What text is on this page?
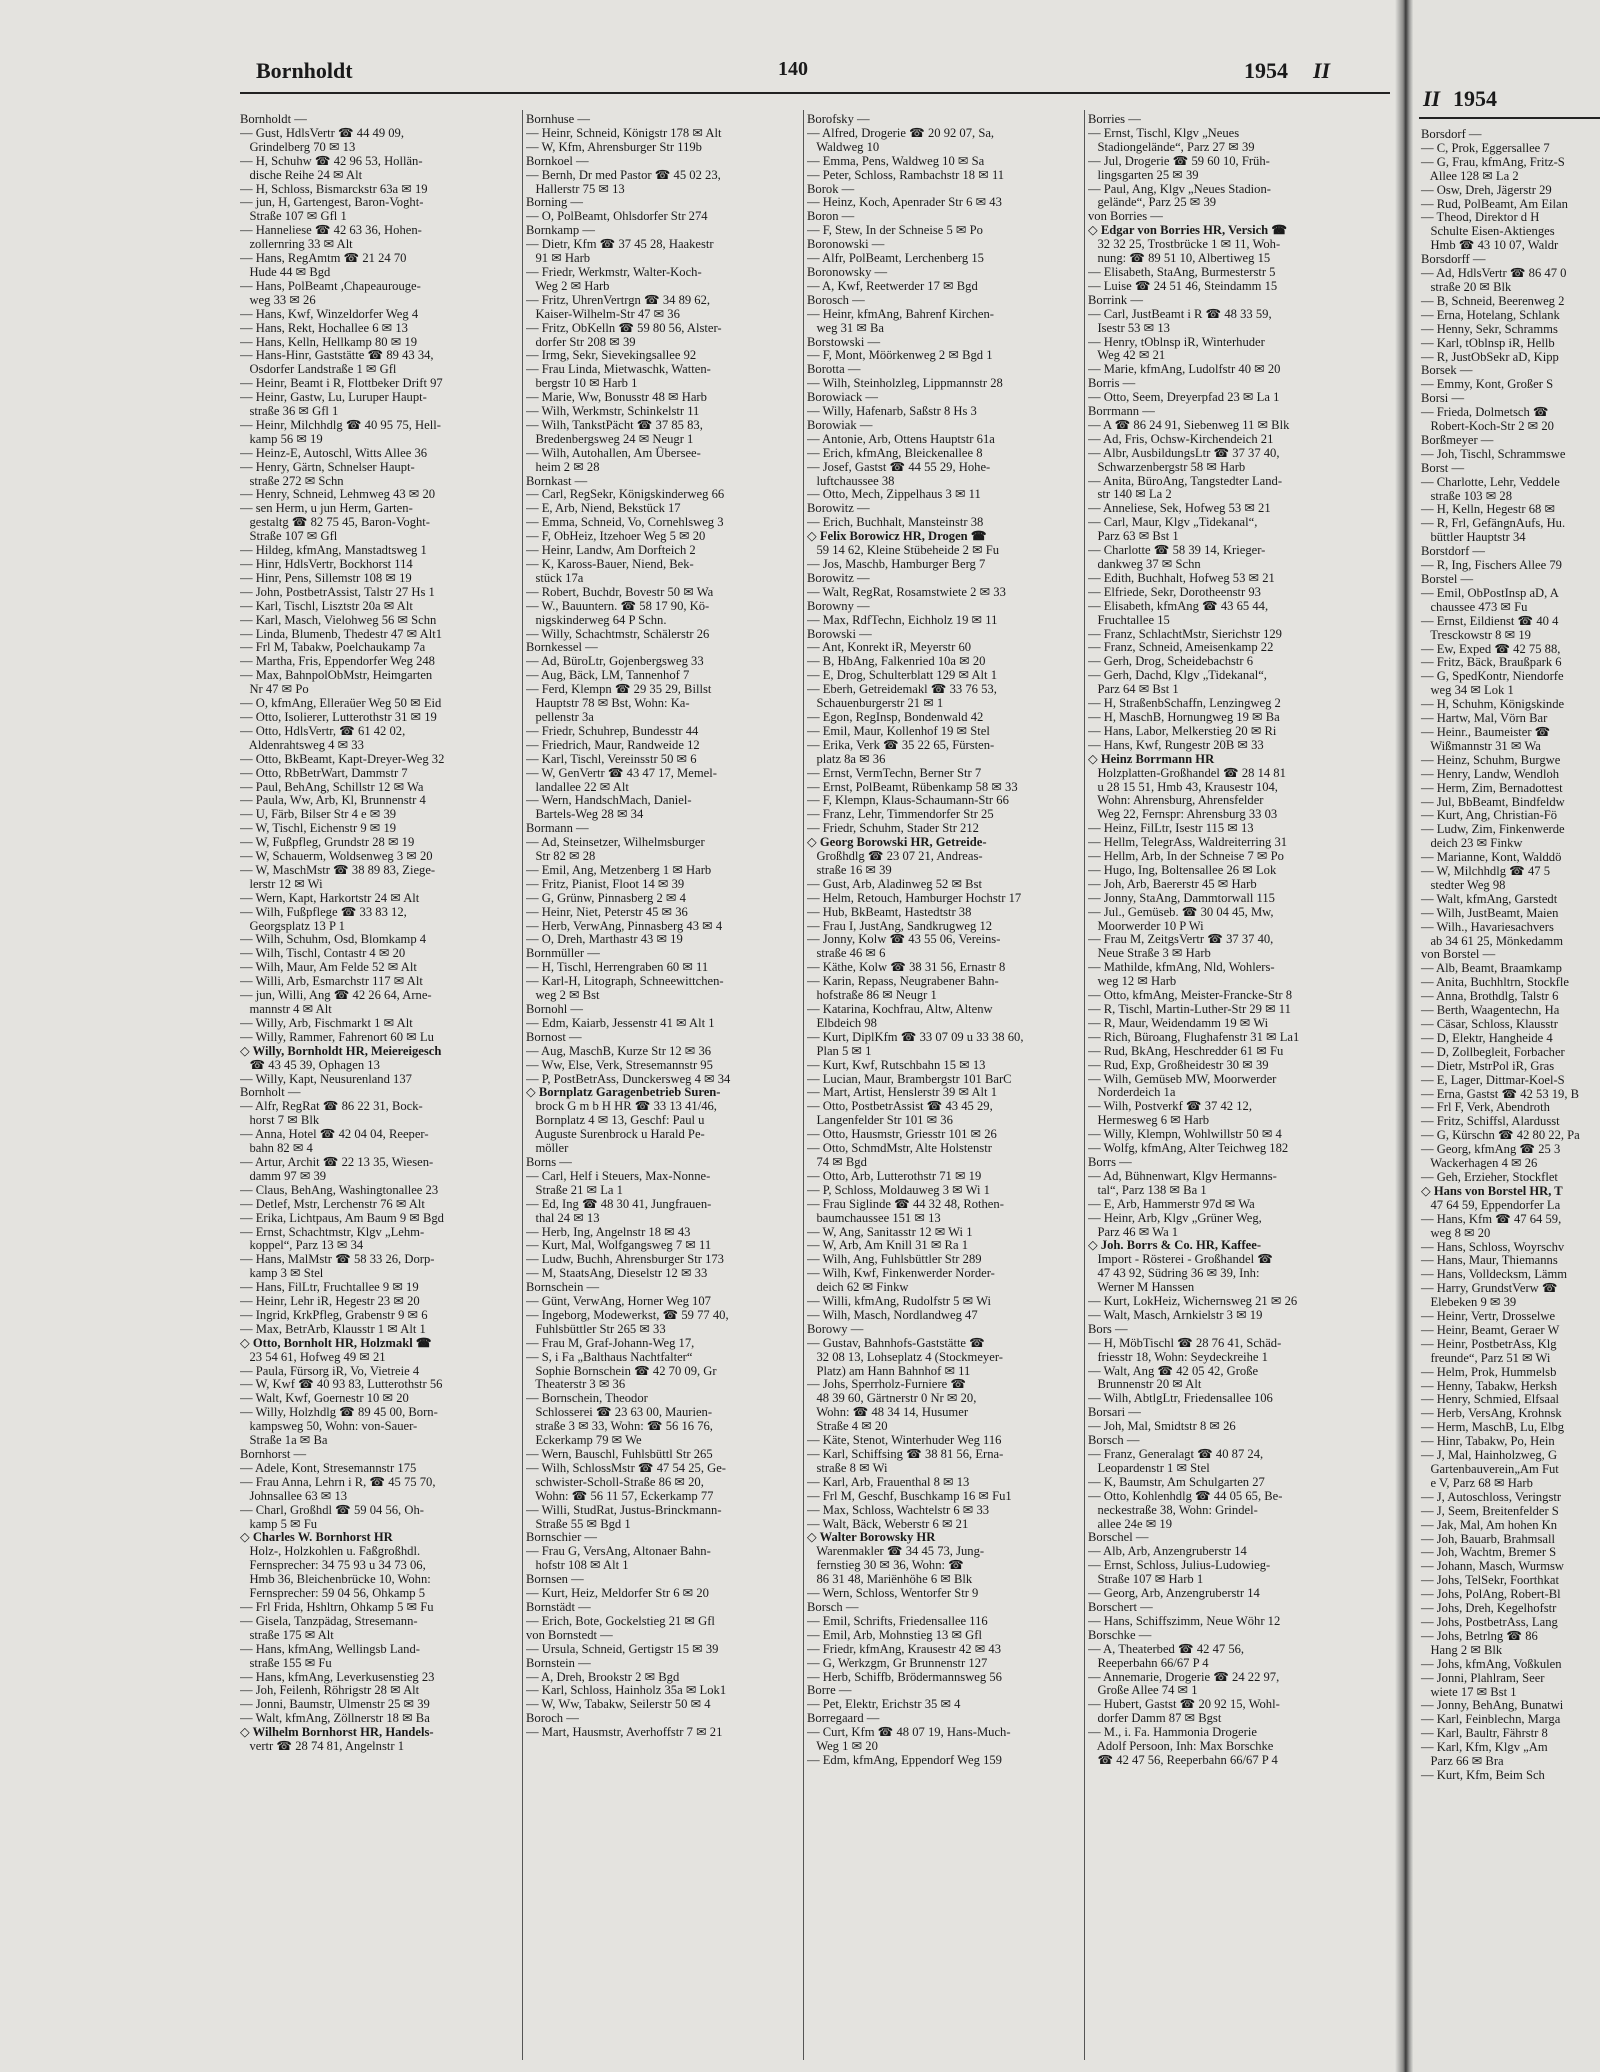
Bornholdt	140	1954 II
Bornholdt —
— Gust, HdlsVertr ☎ 44 49 09,
Grindelberg 70 ✉ 13
— H, Schuhw ☎ 42 96 53, Hollän-
dische Reihe 24 ✉ Alt
— H, Schloss, Bismarckstr 63a ✉ 19
— jun, H, Gartengest, Baron-Voght-
Straße 107 ✉ Gfl 1
— Hanneliese ☎ 42 63 36, Hohen-
zollernring 33 ✉ Alt
— Hans, RegAmtm ☎ 21 24 70
Hude 44 ✉ Bgd
— Hans, PolBeamt ,Chapeaurouge-
weg 33 ✉ 26
— Hans, Kwf, Winzeldorfer Weg 4
— Hans, Rekt, Hochallee 6 ✉ 13
— Hans, Kelln, Hellkamp 80 ✉ 19
— Hans-Hinr, Gaststätte ☎ 89 43 34,
Osdorfer Landstraße 1 ✉ Gfl
— Heinr, Beamt i R, Flottbeker Drift 97
— Heinr, Gastw, Lu, Luruper Haupt-
straße 36 ✉ Gfl 1
— Heinr, Milchhdlg ☎ 40 95 75, Hell-
kamp 56 ✉ 19
— Heinz-E, Autoschl, Witts Allee 36
— Henry, Gärtn, Schnelser Haupt-
straße 272 ✉ Schn
— Henry, Schneid, Lehmweg 43 ✉ 20
— sen Herm, u jun Herm, Garten-
gestaltg ☎ 82 75 45, Baron-Voght-
Straße 107 ✉ Gfl
— Hildeg, kfmAng, Manstadtsweg 1
— Hinr, HdlsVertr, Bockhorst 114
— Hinr, Pens, Sillemstr 108 ✉ 19
— John, PostbetrAssist, Talstr 27 Hs 1
— Karl, Tischl, Lisztstr 20a ✉ Alt
— Karl, Masch, Vielohweg 56 ✉ Schn
— Linda, Blumenb, Thedestr 47 ✉ Alt1
— Frl M, Tabakw, Poelchaukamp 7a
— Martha, Fris, Eppendorfer Weg 248
— Max, BahnpolObMstr, Heimgarten
Nr 47 ✉ Po
— O, kfmAng, Elleraüer Weg 50 ✉ Eid
— Otto, Isolierer, Lutterothstr 31 ✉ 19
— Otto, HdlsVertr, ☎ 61 42 02,
Aldenrahtsweg 4 ✉ 33
— Otto, BkBeamt, Kapt-Dreyer-Weg 32
— Otto, RbBetrWart, Dammstr 7
— Paul, BehAng, Schillstr 12 ✉ Wa
— Paula, Ww, Arb, Kl, Brunnenstr 4
— U, Färb, Bilser Str 4 e ✉ 39
— W, Tischl, Eichenstr 9 ✉ 19
— W, Fußpfleg, Grundstr 28 ✉ 19
— W, Schauerm, Woldsenweg 3 ✉ 20
— W, MaschMstr ☎ 38 89 83, Ziege-
lerstr 12 ✉ Wi
— Wern, Kapt, Harkortstr 24 ✉ Alt
— Wilh, Fußpflege ☎ 33 83 12,
Georgsplatz 13 P 1
— Wilh, Schuhm, Osd, Blomkamp 4
— Wilh, Tischl, Contastr 4 ✉ 20
— Wilh, Maur, Am Felde 52 ✉ Alt
— Willi, Arb, Esmarchstr 117 ✉ Alt
— jun, Willi, Ang ☎ 42 26 64, Arne-
mannstr 4 ✉ Alt
— Willy, Arb, Fischmarkt 1 ✉ Alt
— Willy, Rammer, Fahrenort 60 ✉ Lu
◇ Willy, Bornholdt HR, Meiereigesch
☎ 43 45 39, Ophagen 13
— Willy, Kapt, Neusurenland 137
Bornholt —
— Alfr, RegRat ☎ 86 22 31, Bock-
horst 7 ✉ Blk
— Anna, Hotel ☎ 42 04 04, Reeper-
bahn 82 ✉ 4
— Artur, Archit ☎ 22 13 35, Wiesen-
damm 97 ✉ 39
— Claus, BehAng, Washingtonallee 23
— Detlef, Mstr, Lerchenstr 76 ✉ Alt
— Erika, Lichtpaus, Am Baum 9 ✉ Bgd
— Ernst, Schachtmstr, Klgv „Lehm-
koppel“, Parz 13 ✉ 34
— Hans, MalMstr ☎ 58 33 26, Dorp-
kamp 3 ✉ Stel
— Hans, FilLtr, Fruchtallee 9 ✉ 19
— Heinr, Lehr iR, Hegestr 23 ✉ 20
— Ingrid, KrkPfleg, Grabenstr 9 ✉ 6
— Max, BetrArb, Klausstr 1 ✉ Alt 1
◇ Otto, Bornholt HR, Holzmakl ☎
23 54 61, Hofweg 49 ✉ 21
— Paula, Fürsorg iR, Vo, Vietreie 4
— W, Kwf ☎ 40 93 83, Lutterothstr 56
— Walt, Kwf, Goernestr 10 ✉ 20
— Willy, Holzhdlg ☎ 89 45 00, Born-
kampsweg 50, Wohn: von-Sauer-
Straße 1a ✉ Ba
Bornhorst —
— Adele, Kont, Stresemannstr 175
— Frau Anna, Lehrn i R, ☎ 45 75 70,
Johnsallee 63 ✉ 13
— Charl, Großhdl ☎ 59 04 56, Oh-
kamp 5 ✉ Fu
◇ Charles W. Bornhorst HR
Holz-, Holzkohlen u. Faßgroßhdl.
Fernsprecher: 34 75 93 u 34 73 06,
Hmb 36, Bleichenbrücke 10, Wohn:
Fernsprecher: 59 04 56, Ohkamp 5
— Frl Frida, Hshltrn, Ohkamp 5 ✉ Fu
— Gisela, Tanzpädag, Stresemann-
straße 175 ✉ Alt
— Hans, kfmAng, Wellingsb Land-
straße 155 ✉ Fu
— Hans, kfmAng, Leverkusenstieg 23
— Joh, Feilenh, Röhrigstr 28 ✉ Alt
— Jonni, Baumstr, Ulmenstr 25 ✉ 39
— Walt, kfmAng, Zöllnerstr 18 ✉ Ba
◇ Wilhelm Bornhorst HR, Handels-
vertr ☎ 28 74 81, Angelnstr 1
Bornhuse —
— Heinr, Schneid, Königstr 178 ✉ Alt
— W, Kfm, Ahrensburger Str 119b
Bornkoel —
— Bernh, Dr med Pastor ☎ 45 02 23,
Hallerstr 75 ✉ 13
Borning —
— O, PolBeamt, Ohlsdorfer Str 274
Bornkamp —
— Dietr, Kfm ☎ 37 45 28, Haakestr
91 ✉ Harb
— Friedr, Werkmstr, Walter-Koch-
Weg 2 ✉ Harb
— Fritz, UhrenVertrgn ☎ 34 89 62,
Kaiser-Wilhelm-Str 47 ✉ 36
— Fritz, ObKelln ☎ 59 80 56, Alster-
dorfer Str 208 ✉ 39
— Irmg, Sekr, Sievekingsallee 92
— Frau Linda, Mietwaschk, Watten-
bergstr 10 ✉ Harb 1
— Marie, Ww, Bonusstr 48 ✉ Harb
— Wilh, Werkmstr, Schinkelstr 11
— Wilh, TankstPächt ☎ 37 85 83,
Bredenbergsweg 24 ✉ Neugr 1
— Wilh, Autohallen, Am Überseе-
heim 2 ✉ 28
Bornkast —
— Carl, RegSekr, Königskinderweg 66
— E, Arb, Niend, Bekstück 17
— Emma, Schneid, Vo, Cornehlsweg 3
— F, ObHeiz, Itzehoer Weg 5 ✉ 20
— Heinr, Landw, Am Dorfteich 2
— K, Kaross-Bauer, Niend, Bek-
stück 17a
— Robert, Buchdr, Bovestr 50 ✉ Wa
— W., Bauuntern. ☎ 58 17 90, Kö-
nigskinderweg 64 P Schn.
— Willy, Schachtmstr, Schälerstr 26
Bornkessel —
— Ad, BüroLtr, Gojenbergsweg 33
— Aug, Bäck, LM, Tannenhof 7
— Ferd, Klempn ☎ 29 35 29, Billst
Hauptstr 78 ✉ Bst, Wohn: Ka-
pellenstr 3a
— Friedr, Schuhrep, Bundesstr 44
— Friedrich, Maur, Randweide 12
— Karl, Tischl, Vereinsstr 50 ✉ 6
— W, GenVertr ☎ 43 47 17, Memel-
landallee 22 ✉ Alt
— Wern, HandschMach, Daniel-
Bartels-Weg 28 ✉ 34
Bormann —
— Ad, Steinsetzer, Wilhelmsburger
Str 82 ✉ 28
— Emil, Ang, Metzenberg 1 ✉ Harb
— Fritz, Pianist, Floot 14 ✉ 39
— G, Grünw, Pinnasberg 2 ✉ 4
— Heinr, Niet, Peterstr 45 ✉ 36
— Herb, VerwAng, Pinnasberg 43 ✉ 4
— O, Dreh, Marthastr 43 ✉ 19
Bornmüller —
— H, Tischl, Herrengraben 60 ✉ 11
— Karl-H, Litograph, Schneewittchen-
weg 2 ✉ Bst
Bornohl —
— Edm, Kaiarb, Jessenstr 41 ✉ Alt 1
Bornost —
— Aug, MaschB, Kurze Str 12 ✉ 36
— Ww, Else, Verk, Stresemannstr 95
— P, PostBetrAss, Dunckersweg 4 ✉ 34
◇ Bornplatz Garagenbetrieb Suren-
brock G m b H HR ☎ 33 13 41/46,
Bornplatz 4 ✉ 13, Geschf: Paul u
Auguste Surenbrock u Harald Pe-
möller
Borns —
— Carl, Helf i Steuers, Max-Nonne-
Straße 21 ✉ La 1
— Ed, Ing ☎ 48 30 41, Jungfrauen-
thal 24 ✉ 13
— Herb, Ing, Angelnstr 18 ✉ 43
— Kurt, Mal, Wolfgangsweg 7 ✉ 11
— Ludw, Buchh, Ahrensburger Str 173
— M, StaatsAng, Dieselstr 12 ✉ 33
Bornschein —
— Günt, VerwAng, Horner Weg 107
— Ingeborg, Modewerkst, ☎ 59 77 40,
Fuhlsbüttler Str 265 ✉ 33
— Frau M, Graf-Johann-Weg 17,
— S, i Fa „Balthaus Nachtfalter“
Sophie Bornschein ☎ 42 70 09, Gr
Theaterstr 3 ✉ 36
— Bornschein, Theodor
Schlosserei ☎ 23 63 00, Maurien-
straße 3 ✉ 33, Wohn: ☎ 56 16 76,
Eckerkamp 79 ✉ We
— Wern, Bauschl, Fuhlsbüttl Str 265
— Wilh, SchlossMstr ☎ 47 54 25, Ge-
schwister-Scholl-Straße 86 ✉ 20,
Wohn: ☎ 56 11 57, Eckerkamp 77
— Willi, StudRat, Justus-Brinckmann-
Straße 55 ✉ Bgd 1
Bornschier —
— Frau G, VersAng, Altonaer Bahn-
hofstr 108 ✉ Alt 1
Bornsen —
— Kurt, Heiz, Meldorfer Str 6 ✉ 20
Bornstädt —
— Erich, Bote, Gockelstieg 21 ✉ Gfl
von Bornstedt —
— Ursula, Schneid, Gertigstr 15 ✉ 39
Bornstein —
— A, Dreh, Brookstr 2 ✉ Bgd
— Karl, Schloss, Hainholz 35a ✉ Lok1
— W, Ww, Tabakw, Seilerstr 50 ✉ 4
Boroch —
— Mart, Hausmstr, Averhoffstr 7 ✉ 21
Borofsky —
— Alfred, Drogerie ☎ 20 92 07, Sa,
Waldweg 10
— Emma, Pens, Waldweg 10 ✉ Sa
— Peter, Schloss, Rambachstr 18 ✉ 11
Borok —
— Heinz, Koch, Apenrader Str 6 ✉ 43
Boron —
— F, Stew, In der Schneise 5 ✉ Po
Boronowski —
— Alfr, PolBeamt, Lerchenberg 15
Boronowsky —
— A, Kwf, Reetwerder 17 ✉ Bgd
Borosch —
— Heinr, kfmAng, Bahrenf Kirchen-
weg 31 ✉ Ba
Borstowski —
— F, Mont, Möörkenweg 2 ✉ Bgd 1
Borotta —
— Wilh, Steinholzleg, Lippmannstr 28
Borowiack —
— Willy, Hafenarb, Saßstr 8 Hs 3
Borowiak —
— Antonie, Arb, Ottens Hauptstr 61a
— Erich, kfmAng, Bleickenallee 8
— Josef, Gastst ☎ 44 55 29, Hohe-
luftchaussee 38
— Otto, Mech, Zippelhaus 3 ✉ 11
Borowitz —
— Erich, Buchhalt, Mansteinstr 38
◇ Felix Borowicz HR, Drogen ☎
59 14 62, Kleine Stübeheide 2 ✉ Fu
— Jos, Maschb, Hamburger Berg 7
Borowitz —
— Walt, RegRat, Rosamstwiete 2 ✉ 33
Borowny —
— Max, RdfTechn, Eichholz 19 ✉ 11
Borowski —
— Ant, Konrekt iR, Meyerstr 60
— B, HbAng, Falkenried 10a ✉ 20
— E, Drog, Schulterblatt 129 ✉ Alt 1
— Eberh, Getreidemakl ☎ 33 76 53,
Schauenburgerstr 21 ✉ 1
— Egon, RegInsp, Bondenwald 42
— Emil, Maur, Kollenhof 19 ✉ Stel
— Erika, Verk ☎ 35 22 65, Fürsten-
platz 8a ✉ 36
— Ernst, VermTechn, Berner Str 7
— Ernst, PolBeamt, Rübenkamp 58 ✉ 33
— F, Klempn, Klaus-Schaumann-Str 66
— Franz, Lehr, Timmendorfer Str 25
— Friedr, Schuhm, Stader Str 212
◇ Georg Borowski HR, Getreide-
Großhdlg ☎ 23 07 21, Andreas-
straße 16 ✉ 39
— Gust, Arb, Aladinweg 52 ✉ Bst
— Helm, Retouch, Hamburger Hochstr 17
— Hub, BkBeamt, Hastedtstr 38
— Frau I, JustAng, Sandkrugweg 12
— Jonny, Kolw ☎ 43 55 06, Vereins-
straße 46 ✉ 6
— Käthe, Kolw ☎ 38 31 56, Ernastr 8
— Karin, Repass, Neugrabener Bahn-
hofstraße 86 ✉ Neugr 1
— Katarina, Kochfrau, Altw, Altenw
Elbdeich 98
— Kurt, DiplKfm ☎ 33 07 09 u 33 38 60,
Plan 5 ✉ 1
— Kurt, Kwf, Rutschbahn 15 ✉ 13
— Lucian, Maur, Brambergstr 101 BarC
— Mart, Artist, Henslerstr 39 ✉ Alt 1
— Otto, PostbetrAssist ☎ 43 45 29,
Langenfelder Str 101 ✉ 36
— Otto, Hausmstr, Griesstr 101 ✉ 26
— Otto, SchmdMstr, Alte Holstenstr
74 ✉ Bgd
— Otto, Arb, Lutterothstr 71 ✉ 19
— P, Schloss, Moldauweg 3 ✉ Wi 1
— Frau Siglinde ☎ 44 32 48, Rothen-
baumchaussee 151 ✉ 13
— W, Ang, Sanitasstr 12 ✉ Wi 1
— W, Arb, Am Knill 31 ✉ Ra 1
— Wilh, Ang, Fuhlsbüttler Str 289
— Wilh, Kwf, Finkenwerder Norder-
deich 62 ✉ Finkw
— Willi, kfmAng, Rudolfstr 5 ✉ Wi
— Wilh, Masch, Nordlandweg 47
Borowy —
— Gustav, Bahnhofs-Gaststätte ☎
32 08 13, Lohseplatz 4 (Stockmeyer-
Platz) am Hann Bahnhof ✉ 11
— Johs, Sperrholz-Furniere ☎
48 39 60, Gärtnerstr 0 Nr ✉ 20,
Wohn: ☎ 48 34 14, Husumer
Straße 4 ✉ 20
— Käte, Stenot, Winterhuder Weg 116
— Karl, Schiffsing ☎ 38 81 56, Erna-
straße 8 ✉ Wi
— Karl, Arb, Frauenthal 8 ✉ 13
— Frl M, Geschf, Buschkamp 16 ✉ Fu1
— Max, Schloss, Wachtelstr 6 ✉ 33
— Walt, Bäck, Weberstr 6 ✉ 21
◇ Walter Borowsky HR
Warenmakler ☎ 34 45 73, Jung-
fernstieg 30 ✉ 36, Wohn: ☎
86 31 48, Mariënhöhe 6 ✉ Blk
— Wern, Schloss, Wentorfer Str 9
Borsch —
— Emil, Schrifts, Friedensallee 116
— Emil, Arb, Mohnstieg 13 ✉ Gfl
— Friedr, kfmAng, Krausestr 42 ✉ 43
— G, Werkzgm, Gr Brunnenstr 127
— Herb, Schiffb, Brödermannsweg 56
Borre —
— Pet, Elektr, Erichstr 35 ✉ 4
Borregaard —
— Curt, Kfm ☎ 48 07 19, Hans-Much-
Weg 1 ✉ 20
— Edm, kfmAng, Eppendorf Weg 159
Borries —
— Ernst, Tischl, Klgv „Neues
Stadiongelände“, Parz 27 ✉ 39
— Jul, Drogerie ☎ 59 60 10, Früh-
lingsgarten 25 ✉ 39
— Paul, Ang, Klgv „Neues Stadion-
gelände“, Parz 25 ✉ 39
von Borries —
◇ Edgar von Borries HR, Versich ☎
32 32 25, Trostbrücke 1 ✉ 11, Woh-
nung: ☎ 89 51 10, Albertiweg 15
— Elisabeth, StaAng, Burmesterstr 5
— Luise ☎ 24 51 46, Steindamm 15
Borrink —
— Carl, JustBeamt i R ☎ 48 33 59,
Isestr 53 ✉ 13
— Henry, tOblnsp iR, Winterhuder
Weg 42 ✉ 21
— Marie, kfmAng, Ludolfstr 40 ✉ 20
Borris —
— Otto, Seem, Dreyerpfad 23 ✉ La 1
Borrmann —
— A ☎ 86 24 91, Siebenweg 11 ✉ Blk
— Ad, Fris, Ochsw-Kirchendeich 21
— Albr, AusbildungsLtr ☎ 37 37 40,
Schwarzenbergstr 58 ✉ Harb
— Anita, BüroAng, Tangstedter Land-
str 140 ✉ La 2
— Anneliese, Sek, Hofweg 53 ✉ 21
— Carl, Maur, Klgv „Tidekanal“,
Parz 63 ✉ Bst 1
— Charlotte ☎ 58 39 14, Krieger-
dankweg 37 ✉ Schn
— Edith, Buchhalt, Hofweg 53 ✉ 21
— Elfriede, Sekr, Dorotheenstr 93
— Elisabeth, kfmAng ☎ 43 65 44,
Fruchtallee 15
— Franz, SchlachtMstr, Sierichstr 129
— Franz, Schneid, Ameisenkamp 22
— Gerh, Drog, Scheidebachstr 6
— Gerh, Dachd, Klgv „Tidekanal“,
Parz 64 ✉ Bst 1
— H, StraßenbSchaffn, Lenzingweg 2
— H, MaschB, Hornungweg 19 ✉ Ba
— Hans, Labor, Melkerstieg 20 ✉ Ri
— Hans, Kwf, Rungestr 20B ✉ 33
◇ Heinz Borrmann HR
Holzplatten-Großhandel ☎ 28 14 81
u 28 15 51, Hmb 43, Krausestr 104,
Wohn: Ahrensburg, Ahrensfelder
Weg 22, Fernspr: Ahrensburg 33 03
— Heinz, FilLtr, Isestr 115 ✉ 13
— Hellm, TelegrAss, Waldreiterring 31
— Hellm, Arb, In der Schneise 7 ✉ Po
— Hugo, Ing, Boltensallee 26 ✉ Lok
— Joh, Arb, Baererstr 45 ✉ Harb
— Jonny, StaAng, Dammtorwall 115
— Jul., Gemüseb. ☎ 30 04 45, Mw,
Moorwerder 10 P Wi
— Frau M, ZeitgsVertr ☎ 37 37 40,
Neue Straße 3 ✉ Harb
— Mathilde, kfmAng, Nld, Wohlers-
weg 12 ✉ Harb
— Otto, kfmAng, Meister-Francke-Str 8
— R, Tischl, Martin-Luther-Str 29 ✉ 11
— R, Maur, Weidendamm 19 ✉ Wi
— Rich, Büroang, Flughafenstr 31 ✉ La1
— Rud, BkAng, Heschredder 61 ✉ Fu
— Rud, Exp, Großheidestr 30 ✉ 39
— Wilh, Gemüseb MW, Moorwerder
Norderdeich 1a
— Wilh, Postverkf ☎ 37 42 12,
Hermesweg 6 ✉ Harb
— Willy, Klempn, Wohlwillstr 50 ✉ 4
— Wolfg, kfmAng, Alter Teichweg 182
Borrs —
— Ad, Bühnenwart, Klgv Hermanns-
tal“, Parz 138 ✉ Ba 1
— E, Arb, Hammerstr 97d ✉ Wa
— Heinr, Arb, Klgv „Grüner Weg,
Parz 46 ✉ Wa 1
◇ Joh. Borrs & Co. HR, Kaffee-
Import - Rösterei - Großhandel ☎
47 43 92, Südring 36 ✉ 39, Inh:
Werner M Hanssen
— Kurt, LokHeiz, Wichernsweg 21 ✉ 26
— Walt, Masch, Arnkielstr 3 ✉ 19
Bors —
— H, MöbTischl ☎ 28 76 41, Schäd-
friesstr 18, Wohn: Seydeckreihe 1
— Walt, Ang ☎ 42 05 42, Große
Brunnenstr 20 ✉ Alt
— Wilh, AbtlgLtr, Friedensallee 106
Borsari —
— Joh, Mal, Smidtstr 8 ✉ 26
Borsch —
— Franz, Generalagt ☎ 40 87 24,
Leopardenstr 1 ✉ Stel
— K, Baumstr, Am Schulgarten 27
— Otto, Kohlenhdlg ☎ 44 05 65, Be-
neckestraße 38, Wohn: Grindel-
allee 24e ✉ 19
Borschel —
— Alb, Arb, Anzengruberstr 14
— Ernst, Schloss, Julius-Ludowieg-
Straße 107 ✉ Harb 1
— Georg, Arb, Anzengruberstr 14
Borschert —
— Hans, Schiffszimm, Neue Wöhr 12
Borschke —
— A, Theaterbed ☎ 42 47 56,
Reeperbahn 66/67 P 4
— Annemarie, Drogerie ☎ 24 22 97,
Große Allee 74 ✉ 1
— Hubert, Gastst ☎ 20 92 15, Wohl-
dorfer Damm 87 ✉ Bgst
— M., i. Fa. Hammonia Drogerie
Adolf Persoon, Inh: Max Borschke
☎ 42 47 56, Reeperbahn 66/67 P 4
II 1954
Borsdorf —
— C, Prok, Eggersallee 7
— G, Frau, kfmAng, Fritz-S
Allee 128 ✉ La 2
— Osw, Dreh, Jägerstr 29
— Rud, PolBeamt, Am Eilan
— Theod, Direktor d H
Schulte Eisen-Aktienges
Hmb ☎ 43 10 07, Waldr
Borsdorff —
— Ad, HdlsVertr ☎ 86 47 0
straße 20 ✉ Blk
— B, Schneid, Beerenweg 2
— Erna, Hotelang, Schlank
— Henny, Sekr, Schramms
— Karl, tOblnsp iR, Hellb
— R, JustObSekr aD, Kipp
Borsek —
— Emmy, Kont, Großer S
Borsi —
— Frieda, Dolmetsch ☎
Robert-Koch-Str 2 ✉ 20
Borßmeyer —
— Joh, Tischl, Schrammswe
Borst —
— Charlotte, Lehr, Veddele
straße 103 ✉ 28
— H, Kelln, Hegestr 68 ✉
— R, Frl, GefängnAufs, Hu.
büttler Hauptstr 34
Borstdorf —
— R, Ing, Fischers Allee 79
Borstel —
— Emil, ObPostInsp aD, A
chaussee 473 ✉ Fu
— Ernst, Eildienst ☎ 40 4
Tresckowstr 8 ✉ 19
— Ew, Exped ☎ 42 75 88,
— Fritz, Bäck, Braußpark 6
— G, SpedKontr, Niendorfe
weg 34 ✉ Lok 1
— H, Schuhm, Königskinde
— Hartw, Mal, Vörn Bar
— Heinr., Baumeister ☎
Wißmannstr 31 ✉ Wa
— Heinz, Schuhm, Burgwe
— Henry, Landw, Wendloh
— Herm, Zim, Bernadottest
— Jul, BbBeamt, Bindfeldw
— Kurt, Ang, Christian-Fö
— Ludw, Zim, Finkenwerde
deich 23 ✉ Finkw
— Marianne, Kont, Walddö
— W, Milchhdlg ☎ 47 5
stedter Weg 98
— Walt, kfmAng, Garstedt
— Wilh, JustBeamt, Maien
— Wilh., Havariesachvers
ab 34 61 25, Mönkedamm
von Borstel —
— Alb, Beamt, Braamkamp
— Anita, Buchhltrn, Stockfle
— Anna, Brothdlg, Talstr 6
— Berth, Waagentechn, Ha
— Cäsar, Schloss, Klausstr
— D, Elektr, Hangheide 4
— D, Zollbegleit, Forbacher
— Dietr, MstrPol iR, Gras
— E, Lager, Dittmar-Koel-S
— Erna, Gastst ☎ 42 53 19, B
— Frl F, Verk, Abendroth
— Fritz, Schiffsl, Alardusst
— G, Kürschn ☎ 42 80 22, Pa
— Georg, kfmAng ☎ 25 3
Wackerhagen 4 ✉ 26
— Geh, Erzieher, Stockflet
◇ Hans von Borstel HR, T
47 64 59, Eppendorfer La
— Hans, Kfm ☎ 47 64 59,
weg 8 ✉ 20
— Hans, Schloss, Woyrschv
— Hans, Maur, Thiemanns
— Hans, Volldecksm, Lämm
— Harry, GrundstVerw ☎
Elebeken 9 ✉ 39
— Heinr, Vertr, Drosselwe
— Heinr, Beamt, Geraer W
— Heinr, PostbetrAss, Klg
freunde“, Parz 51 ✉ Wi
— Helm, Prok, Hummelsb
— Henny, Tabakw, Herksh
— Henry, Schmied, Elfsaal
— Herb, VersAng, Krohnsk
— Herm, MaschB, Lu, Elbg
— Hinr, Tabakw, Po, Hein
— J, Mal, Hainholzweg, G
Gartenbauverein„Am Fut
e V, Parz 68 ✉ Harb
— J, Autoschloss, Veringstr
— J, Seem, Breitenfelder S
— Jak, Mal, Am hohen Kn
— Joh, Bauarb, Brahmsall
— Joh, Wachtm, Bremer S
— Johann, Masch, Wurmsw
— Johs, TelSekr, Foorthkat
— Johs, PolAng, Robert-Bl
— Johs, Dreh, Kegelhofstr
— Johs, PostbetrAss, Lang
— Johs, Betrlng ☎ 86
Hang 2 ✉ Blk
— Johs, kfmAng, Voßkulen
— Jonni, Plahlram, Seer
wiete 17 ✉ Bst 1
— Jonny, BehAng, Bunatwi
— Karl, Feinblechn, Marga
— Karl, Baultr, Fährstr 8
— Karl, Kfm, Klgv „Am
Parz 66 ✉ Bra
— Kurt, Kfm, Beim Sch
